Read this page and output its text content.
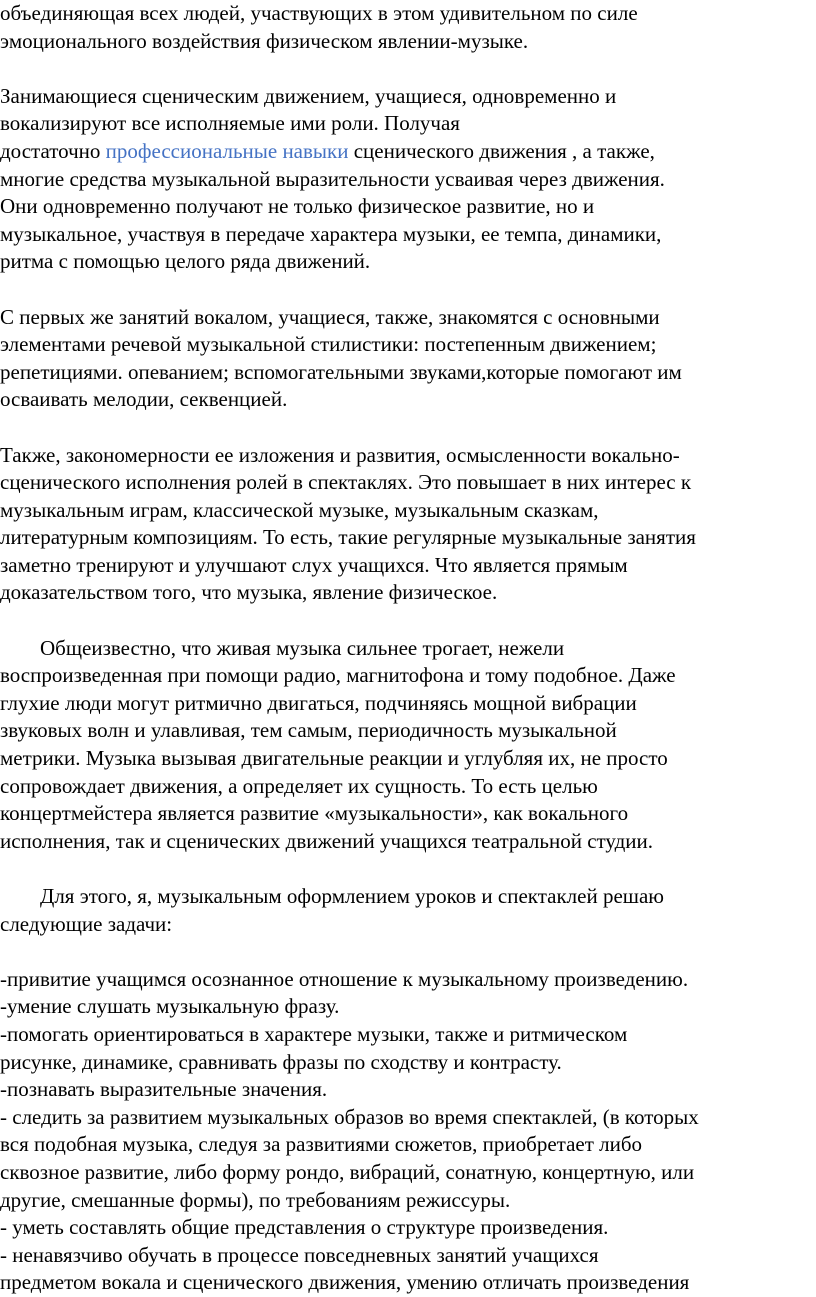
объединяющая всех людей, участвующих в этом удивительном по силе
эмоционального воздействия физическом явлении-музыке.
Занимающиеся сценическим движением, учащиеся, одновременно и
вокализируют все исполняемые ими роли. Получая
достаточно профессиональные навыки сценического движения , а также,
многие средства музыкальной выразительности усваивая через движения.
Они одновременно получают не только физическое развитие, но и
музыкальное, участвуя в передаче характера музыки, ее темпа, динамики,
ритма с помощью целого ряда движений.
С первых же занятий вокалом, учащиеся, также, знакомятся с основными
элементами речевой музыкальной стилистики: постепенным движением;
репетициями. опеванием; вспомогательными звуками,которые помогают им
осваивать мелодии, секвенцией.
Также, закономерности ее изложения и развития, осмысленности вокально-
сценического исполнения ролей в спектаклях. Это повышает в них интерес к
музыкальным играм, классической музыке, музыкальным сказкам,
литературным композициям. То есть, такие регулярные музыкальные занятия
заметно тренируют и улучшают слух учащихся. Что является прямым
доказательством того, что музыка, явление физическое.
Общеизвестно, что живая музыка сильнее трогает, нежели
воспроизведенная при помощи радио, магнитофона и тому подобное. Даже
глухие люди могут ритмично двигаться, подчиняясь мощной вибрации
звуковых волн и улавливая, тем самым, периодичность музыкальной
метрики. Музыка вызывая двигательные реакции и углубляя их, не просто
сопровождает движения, а определяет их сущность. То есть целью
концертмейстера является развитие «музыкальности», как вокального
исполнения, так и сценических движений учащихся театральной студии.
Для этого, я, музыкальным оформлением уроков и спектаклей решаю
следующие задачи:
-привитие учащимся осознанное отношение к музыкальному произведению.
-умение слушать музыкальную фразу.
-помогать ориентироваться в характере музыки, также и ритмическом
рисунке, динамике, сравнивать фразы по сходству и контрасту.
-познавать выразительные значения.
- следить за развитием музыкальных образов во время спектаклей, (в которых
вся подобная музыка, следуя за развитиями сюжетов, приобретает либо
сквозное развитие, либо форму рондо, вибраций, сонатную, концертную, или
другие, смешанные формы), по требованиям режиссуры.
- уметь составлять общие представления о структуре произведения.
- ненавязчиво обучать в процессе повседневных занятий учащихся
предметом вокала и сценического движения, умению отличать произведения
